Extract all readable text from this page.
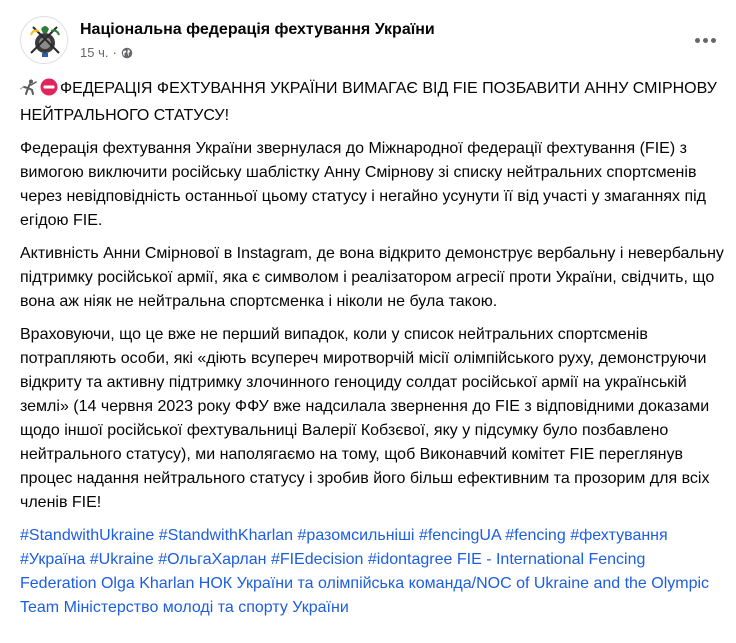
Національна федерація фехтування України
15 ч. ·
ФЕДЕРАЦІЯ ФЕХТУВАННЯ УКРАЇНИ ВИМАГАЄ ВІД FIE ПОЗБАВИТИ АННУ СМІРНОВУ НЕЙТРАЛЬНОГО СТАТУСУ!

Федерація фехтування України звернулася до Міжнародної федерації фехтування (FIE) з вимогою виключити російську шаблістку Анну Смірнову зі списку нейтральних спортсменів через невідповідність останньої цьому статусу і негайно усунути її від участі у змаганнях під егідою FIE.

Активність Анни Смірнової в Instagram, де вона відкрито демонструє вербальну і невербальну підтримку російської армії, яка є символом і реалізатором агресії проти України, свідчить, що вона аж ніяк не нейтральна спортсменка і ніколи не була такою.

Враховуючи, що це вже не перший випадок, коли у список нейтральних спортсменів потрапляють особи, які «діють всупереч миротворчій місії олімпійського руху, демонструючи відкриту та активну підтримку злочинного геноциду солдат російської армії на українській землі» (14 червня 2023 року ФФУ вже надсилала звернення до FIE з відповідними доказами щодо іншої російської фехтувальниці Валерії Кобзєвої, яку у підсумку було позбавлено нейтрального статусу), ми наполягаємо на тому, щоб Виконавчий комітет FIE переглянув процес надання нейтрального статусу і зробив його більш ефективним та прозорим для всіх членів FIE!

#StandwithUkraine #StandwithKharlan #разомсильніші #fencingUA #fencing #фехтування #Україна #Ukraine #ОльгаХарлан #FIEdecision #idontagree FIE - International Fencing Federation Olga Kharlan НОК України та олімпійська команда/NOC of Ukraine and the Olympic Team Міністерство молоді та спорту України
